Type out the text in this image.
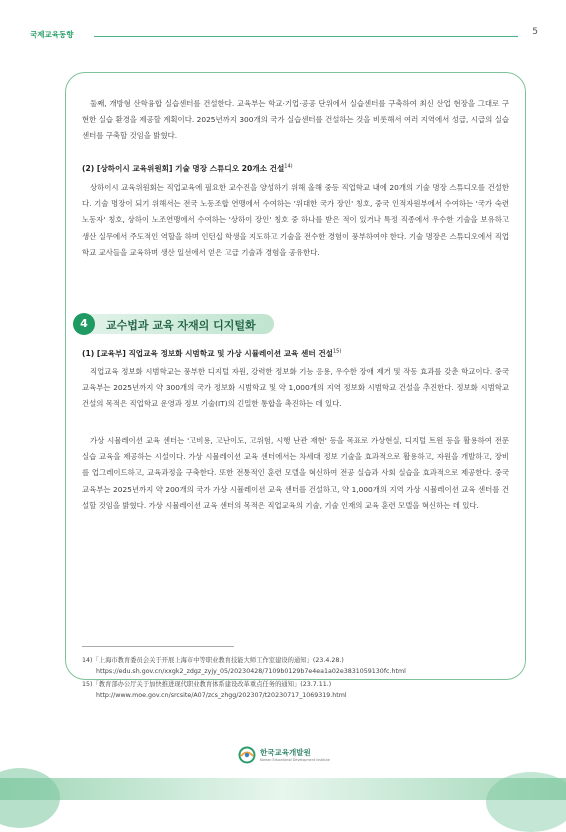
국제교육동향	5

둘째, 개방형 산학융합 실습센터를 건설한다. 교육부는 학교·기업·공공 단위에서 실습센터를 구축하여 최신 산업 현장을 그대로 구현한 실습 환경을 제공할 계획이다. 2025년까지 300개의 국가 실습센터를 건설하는 것을 비롯해서 여러 지역에서 성급, 시급의 실습센터를 구축할 것임을 밝혔다.

(2) [상하이시 교육위원회] 기술 명장 스튜디오 20개소 건설$^{14)}$

상하이시 교육위원회는 직업교육에 필요한 교수진을 양성하기 위해 올해 중등 직업학교 내에 20개의 기술 명장 스튜디오를 건설한다. 기술 명장이 되기 위해서는 전국 노동조합 연맹에서 수여하는 '위대한 국가 장인' 칭호, 중국 인적자원부에서 수여하는 '국가 숙련 노동자' 칭호, 상하이 노조연맹에서 수여하는 '상하이 장인' 칭호 중 하나를 받은 적이 있거나 특정 직종에서 우수한 기술을 보유하고 생산 실무에서 주도적인 역할을 하며 인턴십 학생을 지도하고 기술을 전수한 경험이 풍부하여야 한다. 기술 명장은 스튜디오에서 직업학교 교사들을 교육하며 생산 일선에서 얻은 고급 기술과 경험을 공유한다.

4	교수법과 교육 자재의 디지털화

(1) [교육부] 직업교육 정보화 시범학교 및 가상 시뮬레이션 교육 센터 건설$^{15)}$

직업교육 정보화 시범학교는 풍부한 디지털 자원, 강력한 정보화 기능 응용, 우수한 장애 제거 및 작동 효과를 갖춘 학교이다. 중국 교육부는 2025년까지 약 300개의 국가 정보화 시범학교 및 약 1,000개의 지역 정보화 시범학교 건설을 추진한다. 정보화 시범학교 건설의 목적은 직업학교 운영과 정보 기술(IT)의 긴밀한 통합을 촉진하는 데 있다.

가상 시뮬레이션 교육 센터는 '고비용, 고난이도, 고위험, 시행 난관 재현' 등을 목표로 가상현실, 디지털 트윈 등을 활용하여 전문 실습 교육을 제공하는 시설이다. 가상 시뮬레이션 교육 센터에서는 차세대 정보 기술을 효과적으로 활용하고, 자원을 개발하고, 장비를 업그레이드하고, 교육과정을 구축한다. 또한 전통적인 훈련 모델을 혁신하여 전공 실습과 사회 실습을 효과적으로 제공한다. 중국 교육부는 2025년까지 약 200개의 국가 가상 시뮬레이션 교육 센터를 건설하고, 약 1,000개의 지역 가상 시뮬레이션 교육 센터를 건설할 것임을 밝혔다. 가상 시뮬레이션 교육 센터의 목적은 직업교육의 기술, 기술 인재의 교육 훈련 모델을 혁신하는 데 있다.

14)「上海市教育委员会关于开展上海市中等职业教育技能大师工作室建设的通知」(23.4.28.)
https://edu.sh.gov.cn/xxgk2_zdgz_zyjy_05/20230428/7109b0129b7e4ea1a02e3831059130fc.html

15)「教育部办公厅关于加快推进现代职业教育体系建设改革重点任务的通知」(23.7.11.)
http://www.moe.gov.cn/srcsite/A07/zcs_zhgg/202307/t20230717_1069319.html

한국교육개발원
Korean Educational Development Institute
